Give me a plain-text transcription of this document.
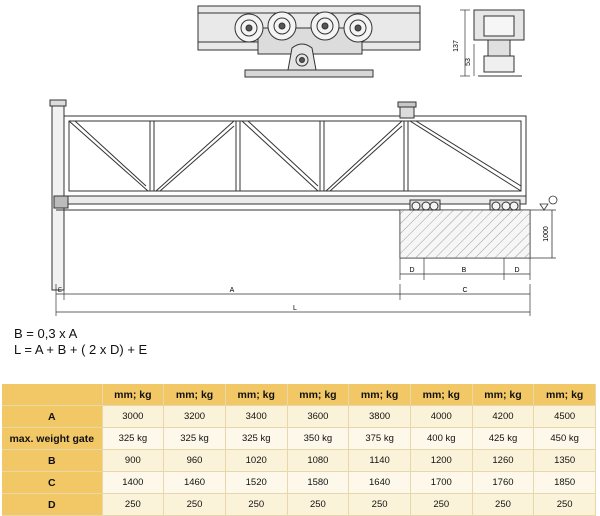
137
53
1000
D	B	D
E	A	C
L
B = 0,3 x A
L = A + B + ( 2 x D) + E
	mm; kg	mm; kg	mm; kg	mm; kg	mm; kg	mm; kg	mm; kg	mm; kg
A	3000	3200	3400	3600	3800	4000	4200	4500
max. weight gate	325 kg	325 kg	325 kg	350 kg	375 kg	400 kg	425 kg	450 kg
B	900	960	1020	1080	1140	1200	1260	1350
C	1400	1460	1520	1580	1640	1700	1760	1850
D	250	250	250	250	250	250	250	250
